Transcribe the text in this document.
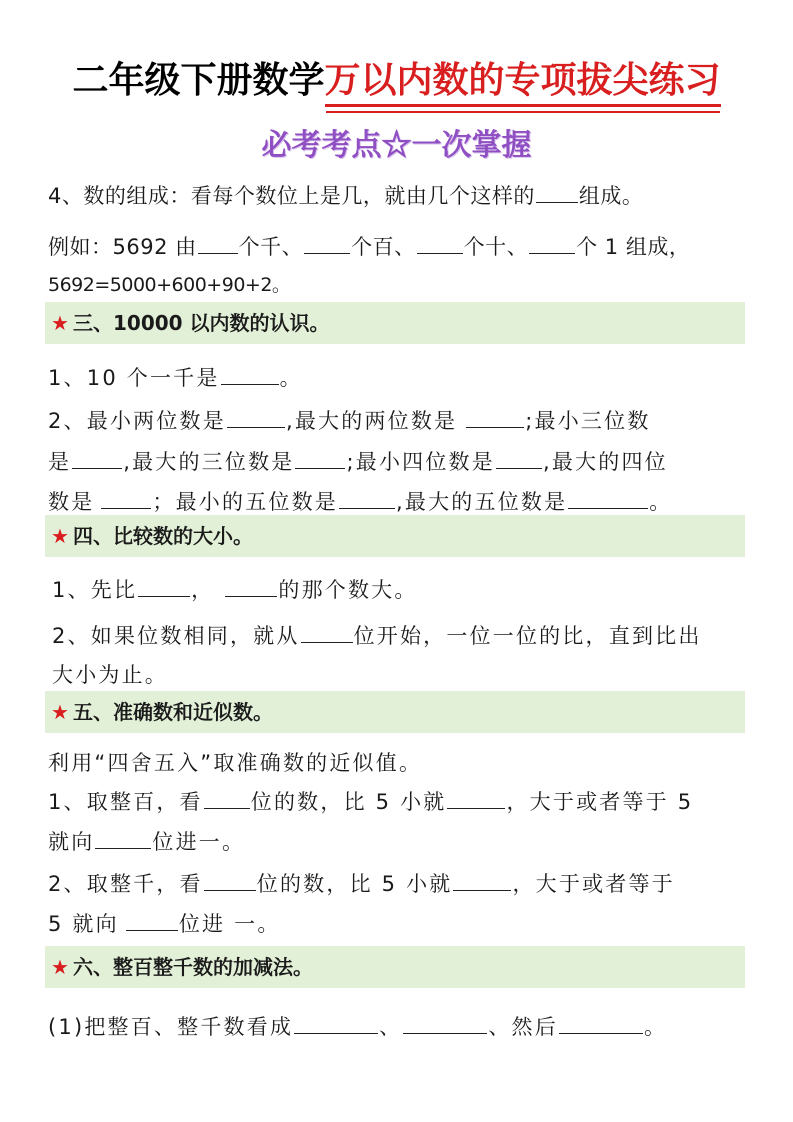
二年级下册数学万以内数的专项拔尖练习
必考考点☆一次掌握
4、数的组成：看每个数位上是几，就由几个这样的 组成。
例如：5692 由 个千、 个百、 个十、 个 1 组成，
5692=5000+600+90+2。
★ 三、10000 以内数的认识。
1、10 个一千是	。
2、最小两位数是	,最大的两位数是	;最小三位数
是 ,最大的三位数是 ;最小四位数是 ,最大的四位
数是	；最小的五位数是	,最大的五位数是	。
★ 四、比较数的大小。
1、先比	，	的那个数大。
2、如果位数相同，就从	位开始，一位一位的比，直到比出
大小为止。
★ 五、准确数和近似数。
利用“四舍五入”取准确数的近似值。
1、取整百，看 位的数，比 5 小就	，大于或者等于 5
就向	位进一。
2、取整千，看	位的数，比 5 小就	，大于或者等于
5 就向	位进 一。
★ 六、整百整千数的加减法。
(1)把整百、整千数看成	、	、然后	。
